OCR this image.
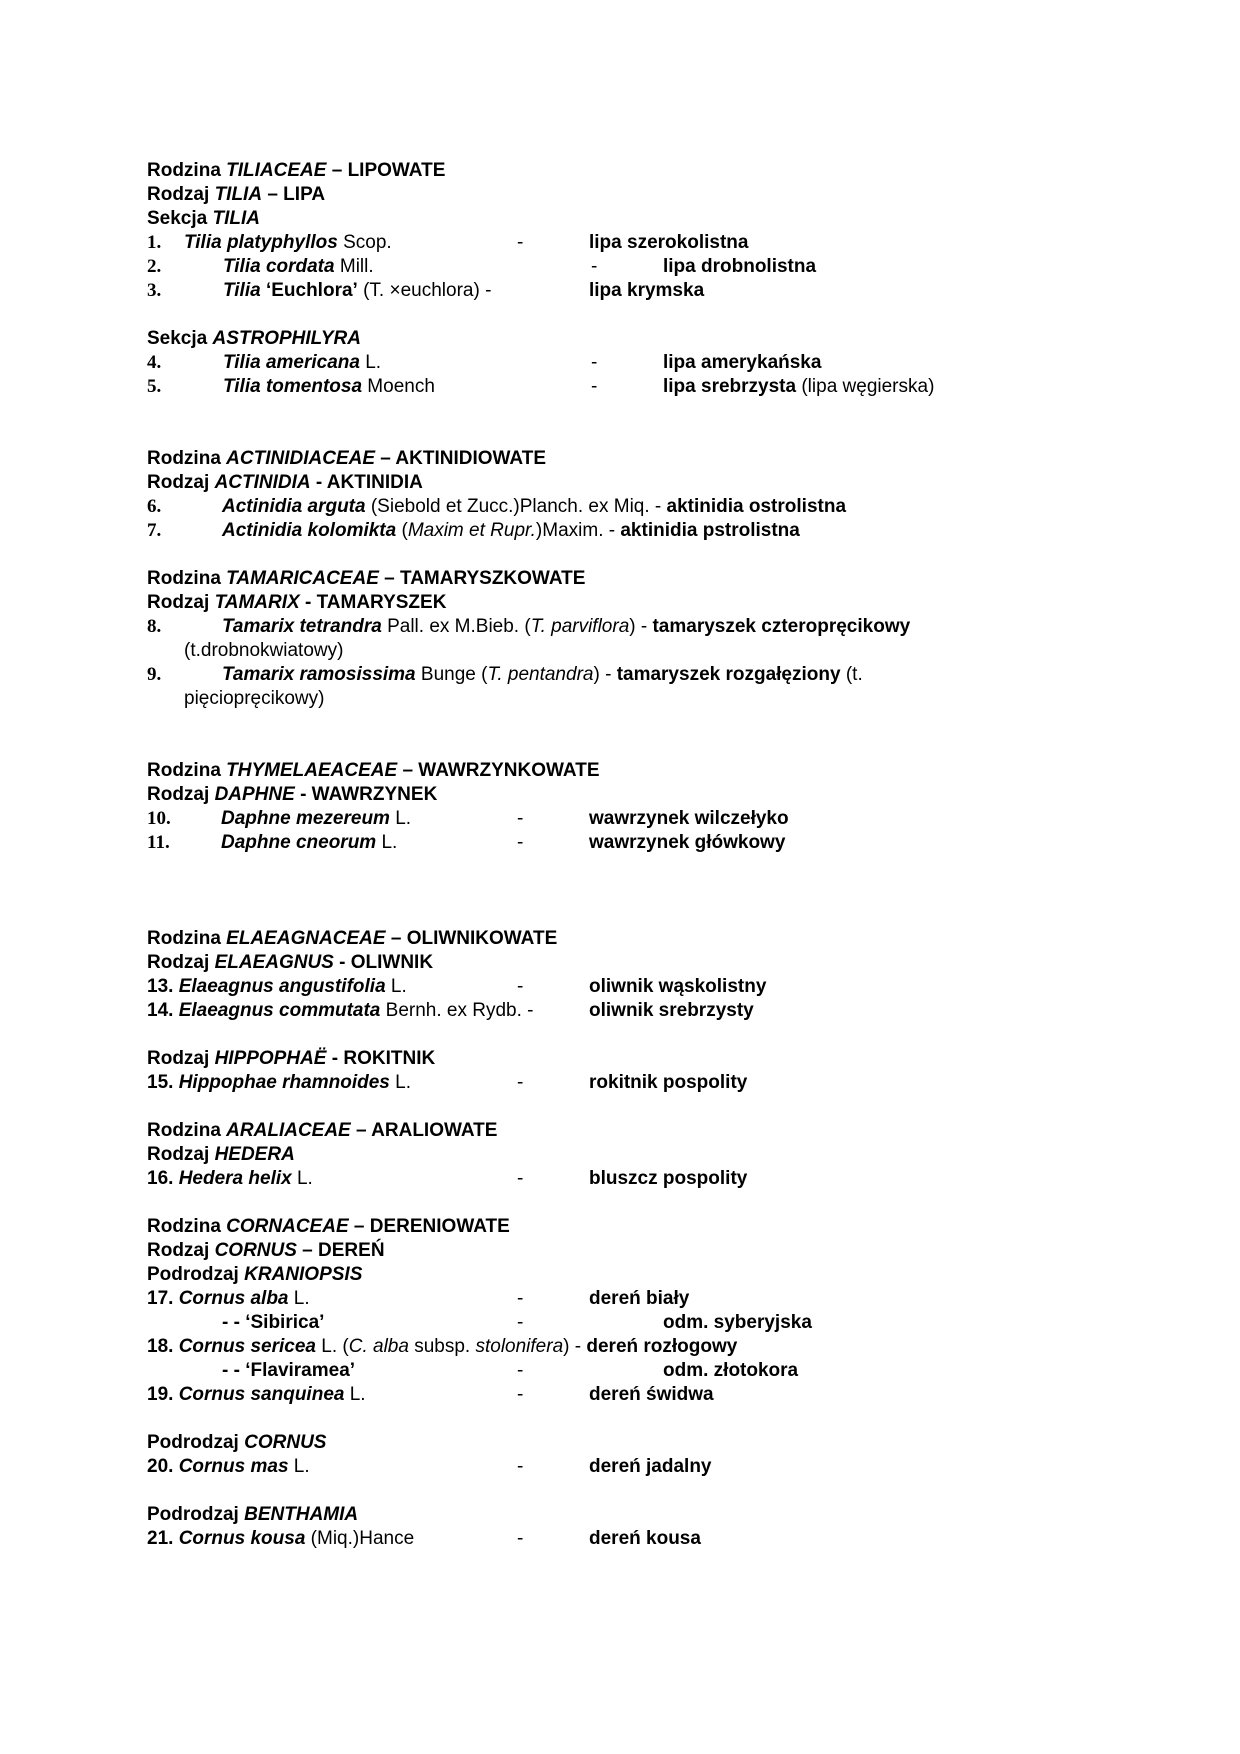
Rodzina TILIACEAE – LIPOWATE
Rodzaj TILIA – LIPA
Sekcja TILIA
1. Tilia platyphyllos Scop.	-	lipa szerokolistna
2.	Tilia cordata Mill.	-	lipa drobnolistna
3.	Tilia ‘Euchlora’ (T. ×euchlora) -	lipa krymska
Sekcja ASTROPHILYRA
4.	Tilia americana L.	-	lipa amerykańska
5.	Tilia tomentosa Moench	-	lipa srebrzysta (lipa węgierska)
Rodzina ACTINIDIACEAE – AKTINIDIOWATE
Rodzaj ACTINIDIA - AKTINIDIA
6.	Actinidia arguta (Siebold et Zucc.)Planch. ex Miq. - aktinidia ostrolistna
7.	Actinidia kolomikta (Maxim et Rupr.)Maxim. - aktinidia pstrolistna
Rodzina TAMARICACEAE – TAMARYSZKOWATE
Rodzaj TAMARIX - TAMARYSZEK
8.	Tamarix tetrandra Pall. ex M.Bieb. (T. parviflora) - tamaryszek czteropręcikowy
(t.drobnokwiatowy)
9.	Tamarix ramosissima Bunge (T. pentandra) - tamaryszek rozgałęziony (t.
pięciopręcikowy)
Rodzina THYMELAEACEAE – WAWRZYNKOWATE
Rodzaj DAPHNE - WAWRZYNEK
10.	Daphne mezereum L.	-	wawrzynek wilczełyko
11.	Daphne cneorum L.	-	wawrzynek główkowy
Rodzina ELAEAGNACEAE – OLIWNIKOWATE
Rodzaj ELAEAGNUS - OLIWNIK
13. Elaeagnus angustifolia L.	-	oliwnik wąskolistny
14. Elaeagnus commutata Bernh. ex Rydb. -	oliwnik srebrzysty
Rodzaj HIPPOPHAË - ROKITNIK
15. Hippophae rhamnoides L.	-	rokitnik pospolity
Rodzina ARALIACEAE – ARALIOWATE
Rodzaj HEDERA
16. Hedera helix L.	-	bluszcz pospolity
Rodzina CORNACEAE – DERENIOWATE
Rodzaj CORNUS – DEREŃ
Podrodzaj KRANIOPSIS
17. Cornus alba L.	-	dereń biały
- - ‘Sibirica’	-	odm. syberyjska
18. Cornus sericea L. (C. alba subsp. stolonifera) - dereń rozłogowy
- - ‘Flaviramea’	-	odm. złotokora
19. Cornus sanquinea L.	-	dereń świdwa
Podrodzaj CORNUS
20. Cornus mas L.	-	dereń jadalny
Podrodzaj BENTHAMIA
21. Cornus kousa (Miq.)Hance	-	dereń kousa
